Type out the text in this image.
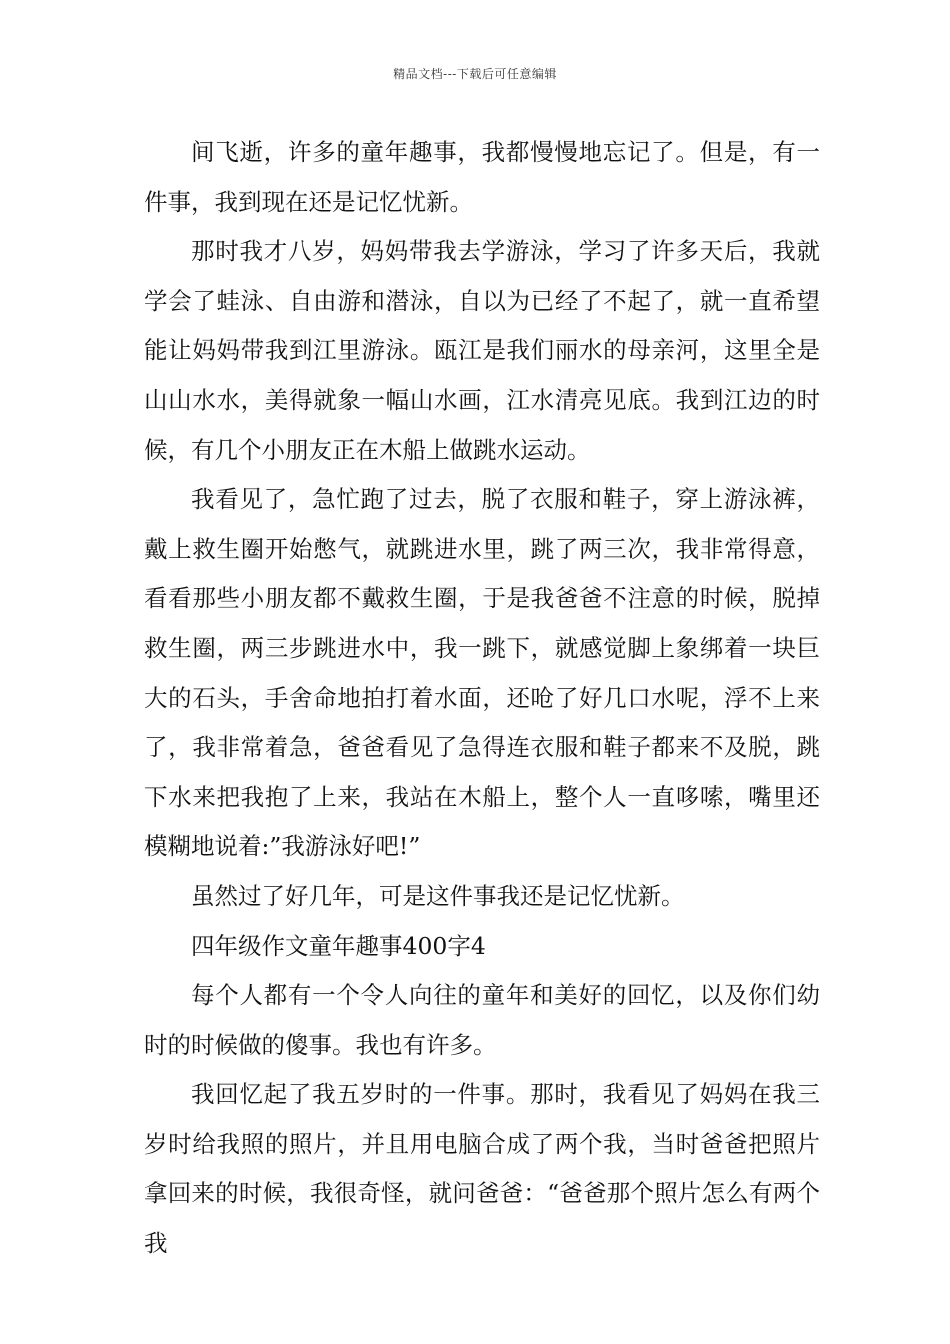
精品文档---下载后可任意编辑

间飞逝，许多的童年趣事，我都慢慢地忘记了。但是，有一件事，我到现在还是记忆忧新。

那时我才八岁，妈妈带我去学游泳，学习了许多天后，我就学会了蛙泳、自由游和潜泳，自以为已经了不起了，就一直希望能让妈妈带我到江里游泳。瓯江是我们丽水的母亲河，这里全是山山水水，美得就象一幅山水画，江水清亮见底。我到江边的时候，有几个小朋友正在木船上做跳水运动。

我看见了，急忙跑了过去，脱了衣服和鞋子，穿上游泳裤，戴上救生圈开始憋气，就跳进水里，跳了两三次，我非常得意，看看那些小朋友都不戴救生圈，于是我爸爸不注意的时候，脱掉救生圈，两三步跳进水中，我一跳下，就感觉脚上象绑着一块巨大的石头，手舍命地拍打着水面，还呛了好几口水呢，浮不上来了，我非常着急，爸爸看见了急得连衣服和鞋子都来不及脱，跳下水来把我抱了上来，我站在木船上，整个人一直哆嗦，嘴里还模糊地说着:”我游泳好吧!”

虽然过了好几年，可是这件事我还是记忆忧新。

四年级作文童年趣事400字4

每个人都有一个令人向往的童年和美好的回忆，以及你们幼时的时候做的傻事。我也有许多。

我回忆起了我五岁时的一件事。那时，我看见了妈妈在我三岁时给我照的照片，并且用电脑合成了两个我，当时爸爸把照片拿回来的时候，我很奇怪，就问爸爸：“爸爸那个照片怎么有两个我
